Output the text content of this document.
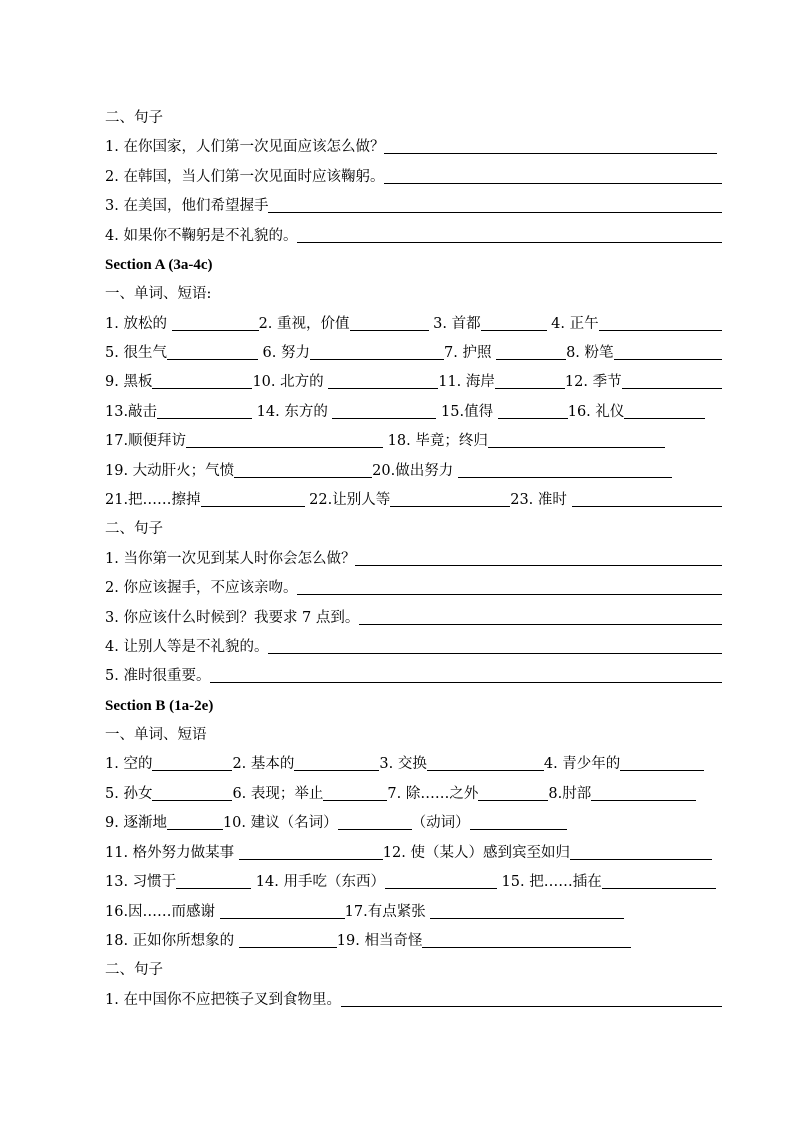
二、句子
1. 在你国家，人们第一次见面应该怎么做？
2. 在韩国，当人们第一次见面时应该鞠躬。
3. 在美国，他们希望握手
4. 如果你不鞠躬是不礼貌的。
Section A (3a-4c)
一、单词、短语:
1. 放松的	2. 重视，价值	3. 首都	4. 正午
5. 很生气	6. 努力	7. 护照	8. 粉笔
9. 黑板	10. 北方的	11. 海岸	12. 季节
13.敲击	14. 东方的	15.值得	16. 礼仪
17.顺便拜访	18. 毕竟；终归
19. 大动肝火；气愤	20.做出努力
21.把……擦掉	22.让别人等	23. 准时
二、句子
1. 当你第一次见到某人时你会怎么做？
2. 你应该握手，不应该亲吻。
3. 你应该什么时候到？我要求 7 点到。
4. 让别人等是不礼貌的。
5. 准时很重要。
Section B (1a-2e)
一、单词、短语
1. 空的	2. 基本的	3. 交换	4. 青少年的
5. 孙女	6. 表现；举止	7. 除……之外	8.肘部
9. 逐渐地	10. 建议（名词）	（动词）
11. 格外努力做某事	12. 使（某人）感到宾至如归
13. 习惯于	14. 用手吃（东西）	15. 把……插在
16.因……而感谢	17.有点紧张
18. 正如你所想象的	19. 相当奇怪
二、句子
1. 在中国你不应把筷子叉到食物里。
